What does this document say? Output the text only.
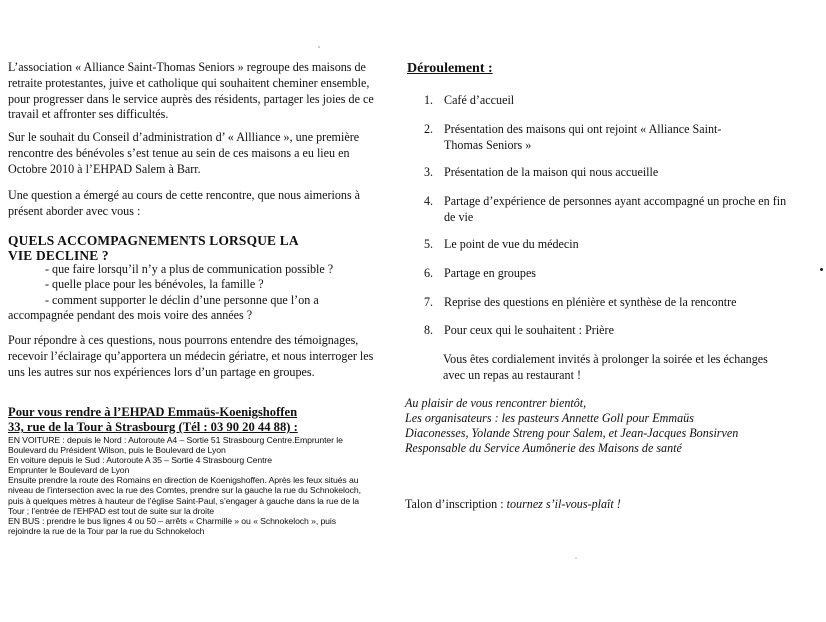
L’association « Alliance Saint-Thomas Seniors » regroupe des maisons de retraite protestantes, juive et catholique qui souhaitent cheminer ensemble, pour progresser dans le service auprès des résidents, partager les joies de ce travail et affronter ses difficultés.

Sur le souhait du Conseil d’administration d’ « Allliance », une première rencontre des bénévoles s’est tenue au sein de ces maisons a eu lieu en Octobre 2010 à l’EHPAD Salem à Barr.

Une question a émergé au cours de cette rencontre, que nous aimerions à présent aborder avec vous :

QUELS ACCOMPAGNEMENTS LORSQUE LA VIE DECLINE ?
- que faire lorsqu’il n’y a plus de communication possible ?
- quelle place pour les bénévoles, la famille ?
- comment supporter le déclin d’une personne que l’on a
accompagnée pendant des mois voire des années ?

Pour répondre à ces questions, nous pourrons entendre des témoignages, recevoir l’éclairage qu’apportera un médecin gériatre, et nous interroger les uns les autres sur nos expériences lors d’un partage en groupes.

Pour vous rendre à l’EHPAD Emmaüs-Koenigshoffen
33, rue de la Tour à Strasbourg (Tél : 03 90 20 44 88) :
EN VOITURE : depuis le Nord : Autoroute A4 – Sortie 51 Strasbourg Centre.Emprunter le
Boulevard du Président Wilson, puis le Boulevard de Lyon
En voiture depuis le Sud : Autoroute A 35 – Sortie 4 Strasbourg Centre
Emprunter le Boulevard de Lyon
Ensuite prendre la route des Romains en direction de Koenigshoffen. Après les feux situés au
niveau de l’intersection avec la rue des Comtes, prendre sur la gauche la rue du Schnokeloch,
puis à quelques mètres à hauteur de l’église Saint-Paul, s’engager à gauche dans la rue de la
Tour ; l’entrée de l’EHPAD est tout de suite sur la droite
EN BUS : prendre le bus lignes 4 ou 50 – arrêts « Charmille » ou « Schnokeloch », puis
rejoindre la rue de la Tour par la rue du Schnokeloch
Déroulement :
1. Café d’accueil
2. Présentation des maisons qui ont rejoint « Alliance Saint-Thomas Seniors »
3. Présentation de la maison qui nous accueille
4. Partage d’expérience de personnes ayant accompagné un proche en fin de vie
5. Le point de vue du médecin
6. Partage en groupes
7. Reprise des questions en plénière et synthèse de la rencontre
8. Pour ceux qui le souhaitent : Prière
Vous êtes cordialement invités à prolonger la soirée et les échanges avec un repas au restaurant !
Au plaisir de vous rencontrer bientôt,
Les organisateurs : les pasteurs Annette Goll pour Emmaüs
Diaconesses, Yolande Streng pour Salem, et Jean-Jacques Bonsirven
Responsable du Service Aumônerie des Maisons de santé
Talon d’inscription : tournez s’il-vous-plaît !
